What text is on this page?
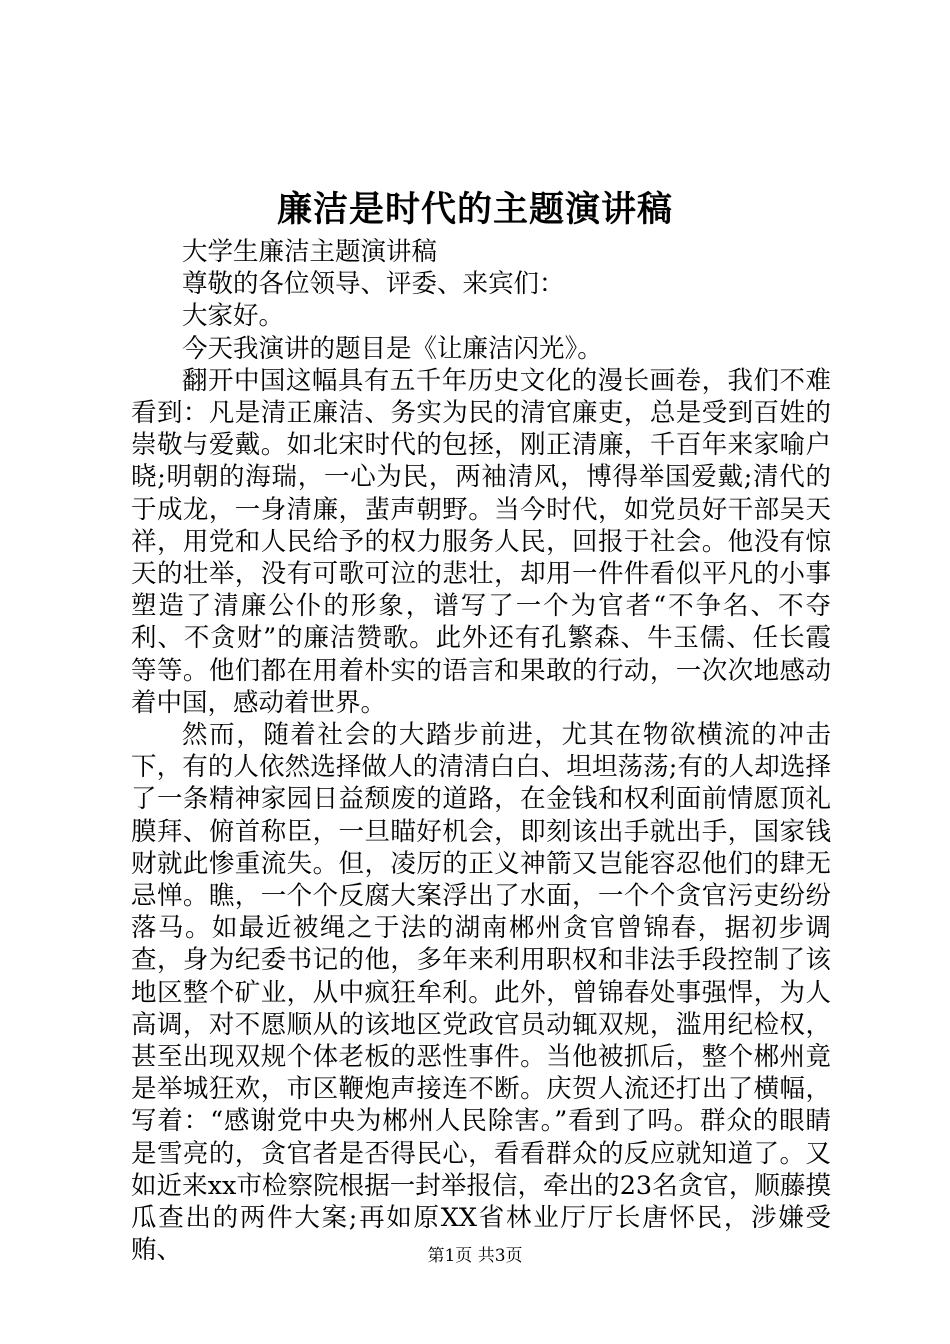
廉洁是时代的主题演讲稿

大学生廉洁主题演讲稿

尊敬的各位领导、评委、来宾们：

大家好。

今天我演讲的题目是《让廉洁闪光》。

翻开中国这幅具有五千年历史文化的漫长画卷，我们不难看到：凡是清正廉洁、务实为民的清官廉吏，总是受到百姓的崇敬与爱戴。如北宋时代的包拯，刚正清廉，千百年来家喻户晓;明朝的海瑞，一心为民，两袖清风，博得举国爱戴;清代的于成龙，一身清廉，蜚声朝野。当今时代，如党员好干部吴天祥，用党和人民给予的权力服务人民，回报于社会。他没有惊天的壮举，没有可歌可泣的悲壮，却用一件件看似平凡的小事塑造了清廉公仆的形象，谱写了一个为官者“不争名、不夺利、不贪财”的廉洁赞歌。此外还有孔繁森、牛玉儒、任长霞等等。他们都在用着朴实的语言和果敢的行动，一次次地感动着中国，感动着世界。

然而，随着社会的大踏步前进，尤其在物欲横流的冲击下，有的人依然选择做人的清清白白、坦坦荡荡;有的人却选择了一条精神家园日益颓废的道路，在金钱和权利面前情愿顶礼膜拜、俯首称臣，一旦瞄好机会，即刻该出手就出手，国家钱财就此惨重流失。但，凌厉的正义神箭又岂能容忍他们的肆无忌惮。瞧，一个个反腐大案浮出了水面，一个个贪官污吏纷纷落马。如最近被绳之于法的湖南郴州贪官曾锦春，据初步调查，身为纪委书记的他，多年来利用职权和非法手段控制了该地区整个矿业，从中疯狂牟利。此外，曾锦春处事强悍，为人高调，对不愿顺从的该地区党政官员动辄双规，滥用纪检权，甚至出现双规个体老板的恶性事件。当他被抓后，整个郴州竟是举城狂欢，市区鞭炮声接连不断。庆贺人流还打出了横幅，写着：“感谢党中央为郴州人民除害。”看到了吗。群众的眼睛是雪亮的，贪官者是否得民心，看看群众的反应就知道了。又如近来xx市检察院根据一封举报信，牵出的23名贪官，顺藤摸瓜查出的两件大案;再如原XX省林业厅厅长唐怀民，涉嫌受贿、	第1页 共3页
